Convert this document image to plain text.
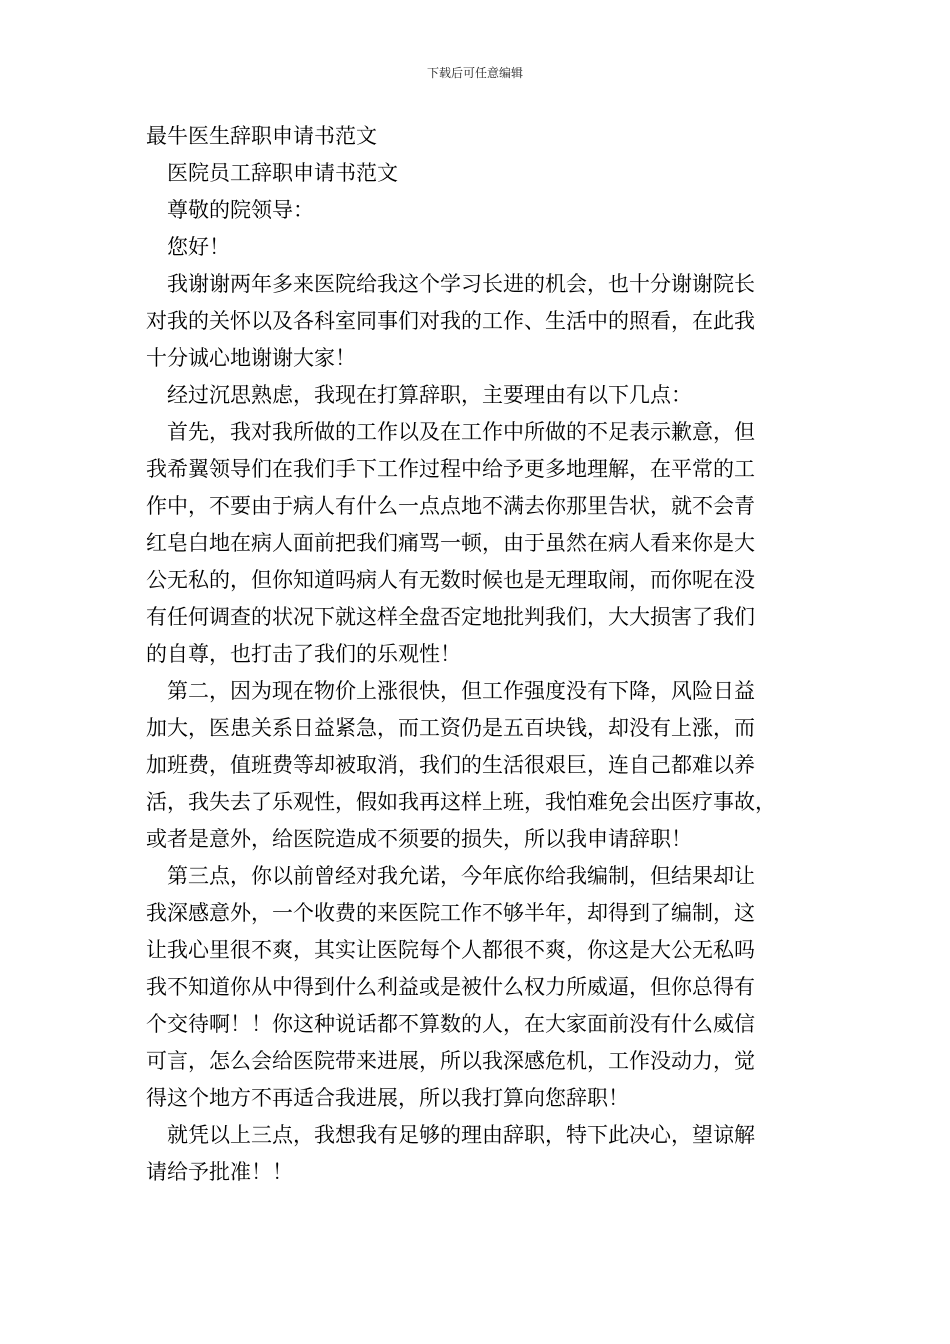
下载后可任意编辑
最牛医生辞职申请书范文
医院员工辞职申请书范文
尊敬的院领导：
您好！
我谢谢两年多来医院给我这个学习长进的机会，也十分谢谢院长
对我的关怀以及各科室同事们对我的工作、生活中的照看，在此我
十分诚心地谢谢大家！
经过沉思熟虑，我现在打算辞职，主要理由有以下几点：
首先，我对我所做的工作以及在工作中所做的不足表示歉意，但
我希翼领导们在我们手下工作过程中给予更多地理解，在平常的工
作中，不要由于病人有什么一点点地不满去你那里告状，就不会青
红皂白地在病人面前把我们痛骂一顿，由于虽然在病人看来你是大
公无私的，但你知道吗病人有无数时候也是无理取闹，而你呢在没
有任何调查的状况下就这样全盘否定地批判我们，大大损害了我们
的自尊，也打击了我们的乐观性！
第二，因为现在物价上涨很快，但工作强度没有下降，风险日益
加大，医患关系日益紧急，而工资仍是五百块钱，却没有上涨，而
加班费，值班费等却被取消，我们的生活很艰巨，连自己都难以养
活，我失去了乐观性，假如我再这样上班，我怕难免会出医疗事故，
或者是意外，给医院造成不须要的损失，所以我申请辞职！
第三点，你以前曾经对我允诺，今年底你给我编制，但结果却让
我深感意外，一个收费的来医院工作不够半年，却得到了编制，这
让我心里很不爽，其实让医院每个人都很不爽，你这是大公无私吗
我不知道你从中得到什么利益或是被什么权力所威逼，但你总得有
个交待啊！！你这种说话都不算数的人，在大家面前没有什么威信
可言，怎么会给医院带来进展，所以我深感危机，工作没动力，觉
得这个地方不再适合我进展，所以我打算向您辞职！
就凭以上三点，我想我有足够的理由辞职，特下此决心，望谅解
请给予批准！！
